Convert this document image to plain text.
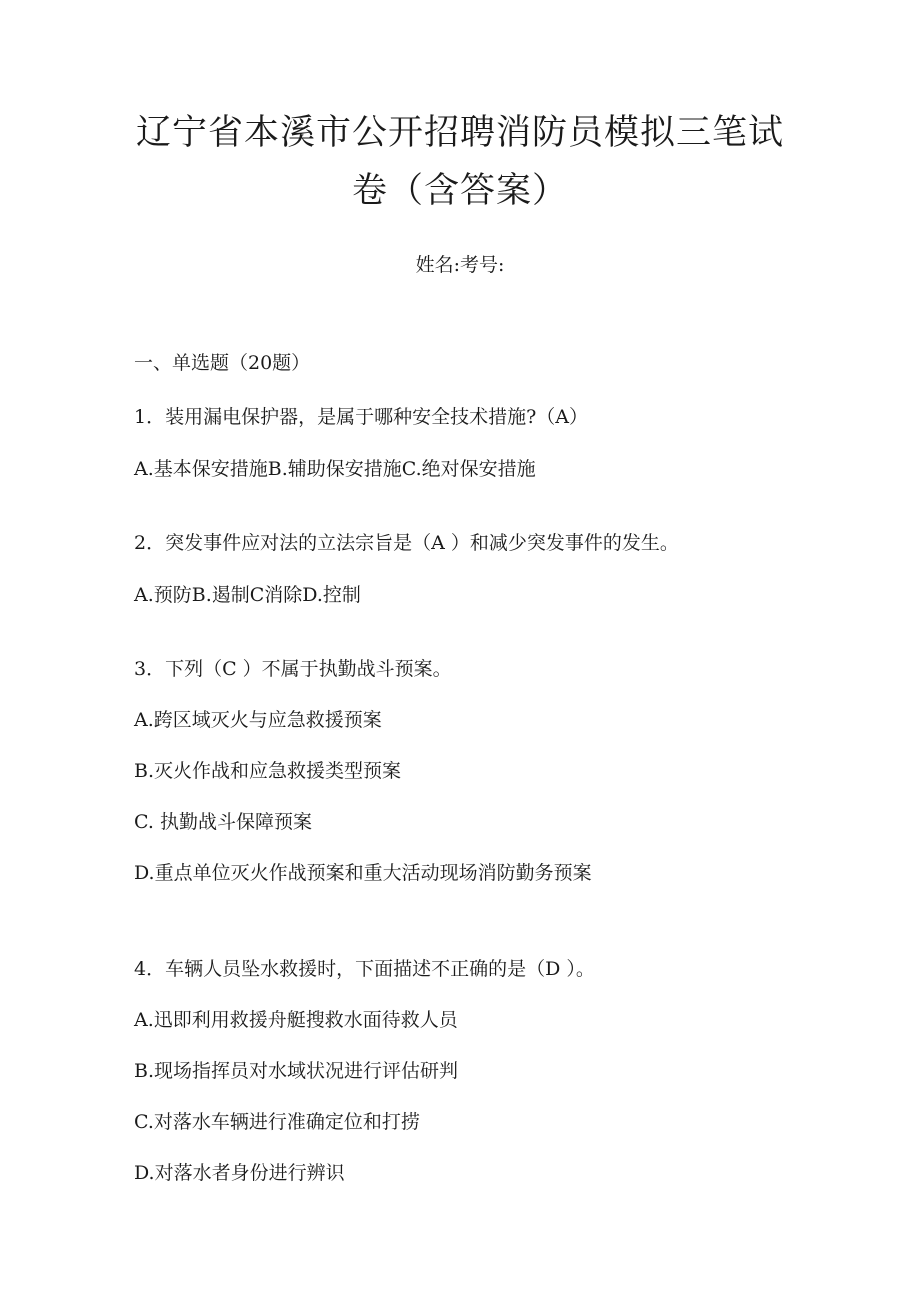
辽宁省本溪市公开招聘消防员模拟三笔试
卷（含答案）
姓名:考号:
一、单选题（20题）
1．装用漏电保护器，是属于哪种安全技术措施?（A）
A.基本保安措施B.辅助保安措施C.绝对保安措施
2．突发事件应对法的立法宗旨是（A ）和减少突发事件的发生。
A.预防B.遏制C消除D.控制
3．下列（C ）不属于执勤战斗预案。
A.跨区域灭火与应急救援预案
B.灭火作战和应急救援类型预案
C. 执勤战斗保障预案
D.重点单位灭火作战预案和重大活动现场消防勤务预案
4．车辆人员坠水救援时，下面描述不正确的是（D ）。
A.迅即利用救援舟艇搜救水面待救人员
B.现场指挥员对水域状况进行评估研判
C.对落水车辆进行准确定位和打捞
D.对落水者身份进行辨识
